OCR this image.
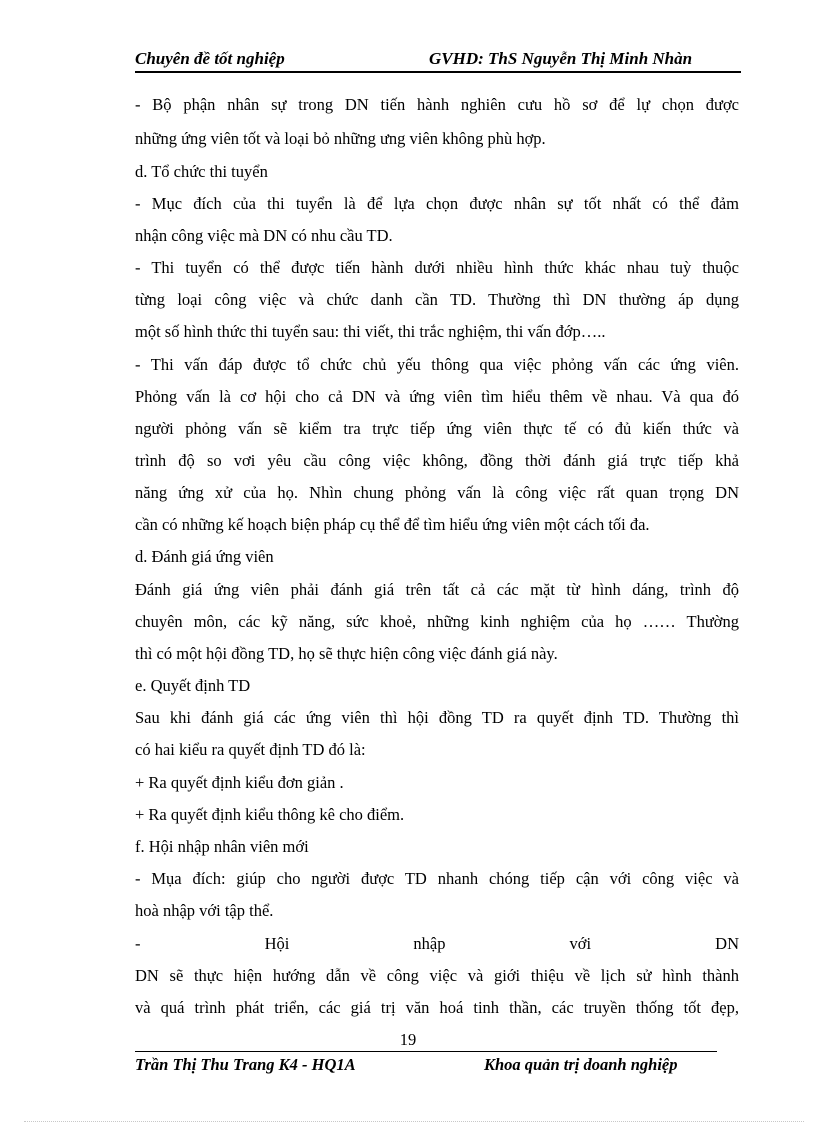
Chuyên đề tốt nghiệp	GVHD: ThS Nguyễn Thị Minh Nhàn
- Bộ phận nhân sự trong DN tiến hành nghiên cưu hồ sơ để lự chọn được
những ứng viên tốt và loại bỏ những ưng viên không phù hợp.
d. Tổ chức thi tuyển
- Mục đích của thi tuyển là để lựa chọn được nhân sự tốt nhất có thể đảm
nhận công việc mà DN có nhu cầu TD.
- Thi tuyển có thể được tiến hành dưới nhiều hình thức khác nhau tuỳ thuộc
từng loại công việc và chức danh cần TD. Thường thì DN thường áp dụng
một số hình thức thi tuyển sau: thi viết, thi trắc nghiệm, thi vấn đớp…..
- Thi vấn đáp được tổ chức chủ yếu thông qua việc phỏng vấn các ứng viên.
Phỏng vấn là cơ hội cho cả DN và ứng viên tìm hiểu thêm về nhau. Và qua đó
người phỏng vấn sẽ kiểm tra trực tiếp ứng viên thực tế có đủ kiến thức và
trình độ so vơi yêu cầu công việc không, đồng thời đánh giá trực tiếp khả
năng ứng xử của họ. Nhìn chung phỏng vấn là công việc rất quan trọng DN
cần có những kế hoạch biện pháp cụ thể để tìm hiểu ứng viên một cách tối đa.
d. Đánh giá ứng viên
Đánh giá ứng viên phải đánh giá trên tất cả các mặt từ hình dáng, trình độ
chuyên môn, các kỹ năng, sức khoẻ, những kinh nghiệm của họ …… Thường
thì có một hội đồng TD, họ sẽ thực hiện công việc đánh giá này.
e. Quyết định TD
Sau khi đánh giá các ứng viên thì hội đồng TD ra quyết định TD. Thường thì
có hai kiểu ra quyết định TD đó là:
+ Ra quyết định kiểu đơn giản .
+ Ra quyết định kiểu thông kê cho điểm.
f. Hội nhập nhân viên mới
- Mụa đích: giúp cho người được TD nhanh chóng tiếp cận với công việc và
hoà nhập với tập thể.
- Hội nhập với DN
DN sẽ thực hiện hướng dẫn về công việc và giới thiệu về lịch sử hình thành
và quá trình phát triển, các giá trị văn hoá tinh thần, các truyền thống tốt đẹp,
19
Trần Thị Thu Trang K4 - HQ1A	Khoa quản trị doanh nghiệp
